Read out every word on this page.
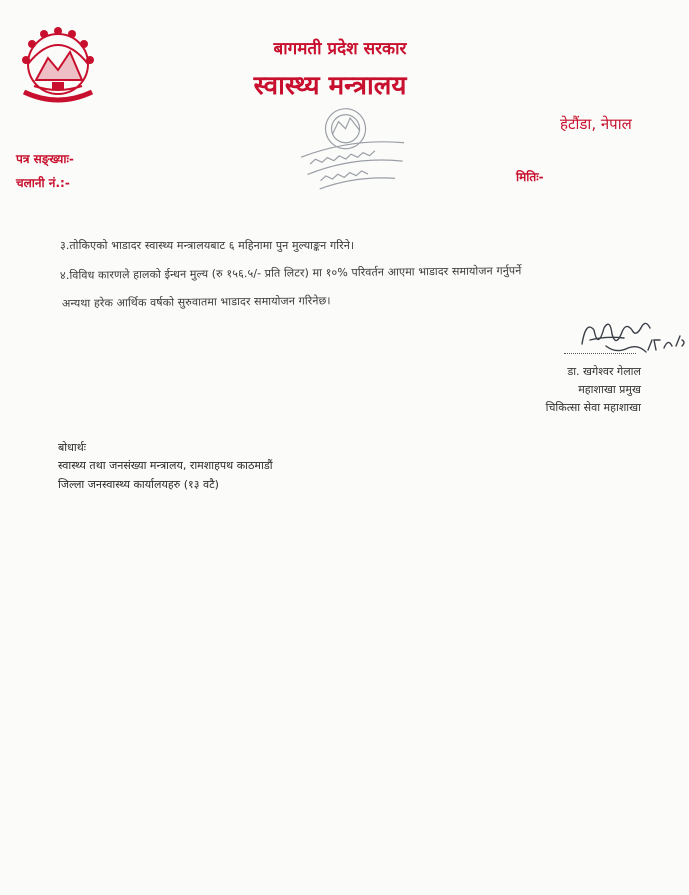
बागमती प्रदेश सरकार
स्वास्थ्य मन्त्रालय
हेटौंडा, नेपाल
पत्र सङ्ख्याः-
चलानी नं.:-	मितिः-
३.तोकिएको भाडादर स्वास्थ्य मन्त्रालयबाट ६ महिनामा पुन मुल्याङ्कन गरिने।
४.विविध कारणले हालको ईन्धन मुल्य (रु १५६.५/- प्रति लिटर) मा १०% परिवर्तन आएमा भाडादर समायोजन गर्नुपर्ने
अन्यथा हरेक आर्थिक वर्षको सुरुवातमा भाडादर समायोजन गरिनेछ।
डा. खगेश्वर गेलाल
महाशाखा प्रमुख
चिकित्सा सेवा महाशाखा
बोधार्थः
स्वास्थ्य तथा जनसंख्या मन्त्रालय, रामशाहपथ काठमाडौं
जिल्ला जनस्वास्थ्य कार्यालयहरु (१३ वटै)
